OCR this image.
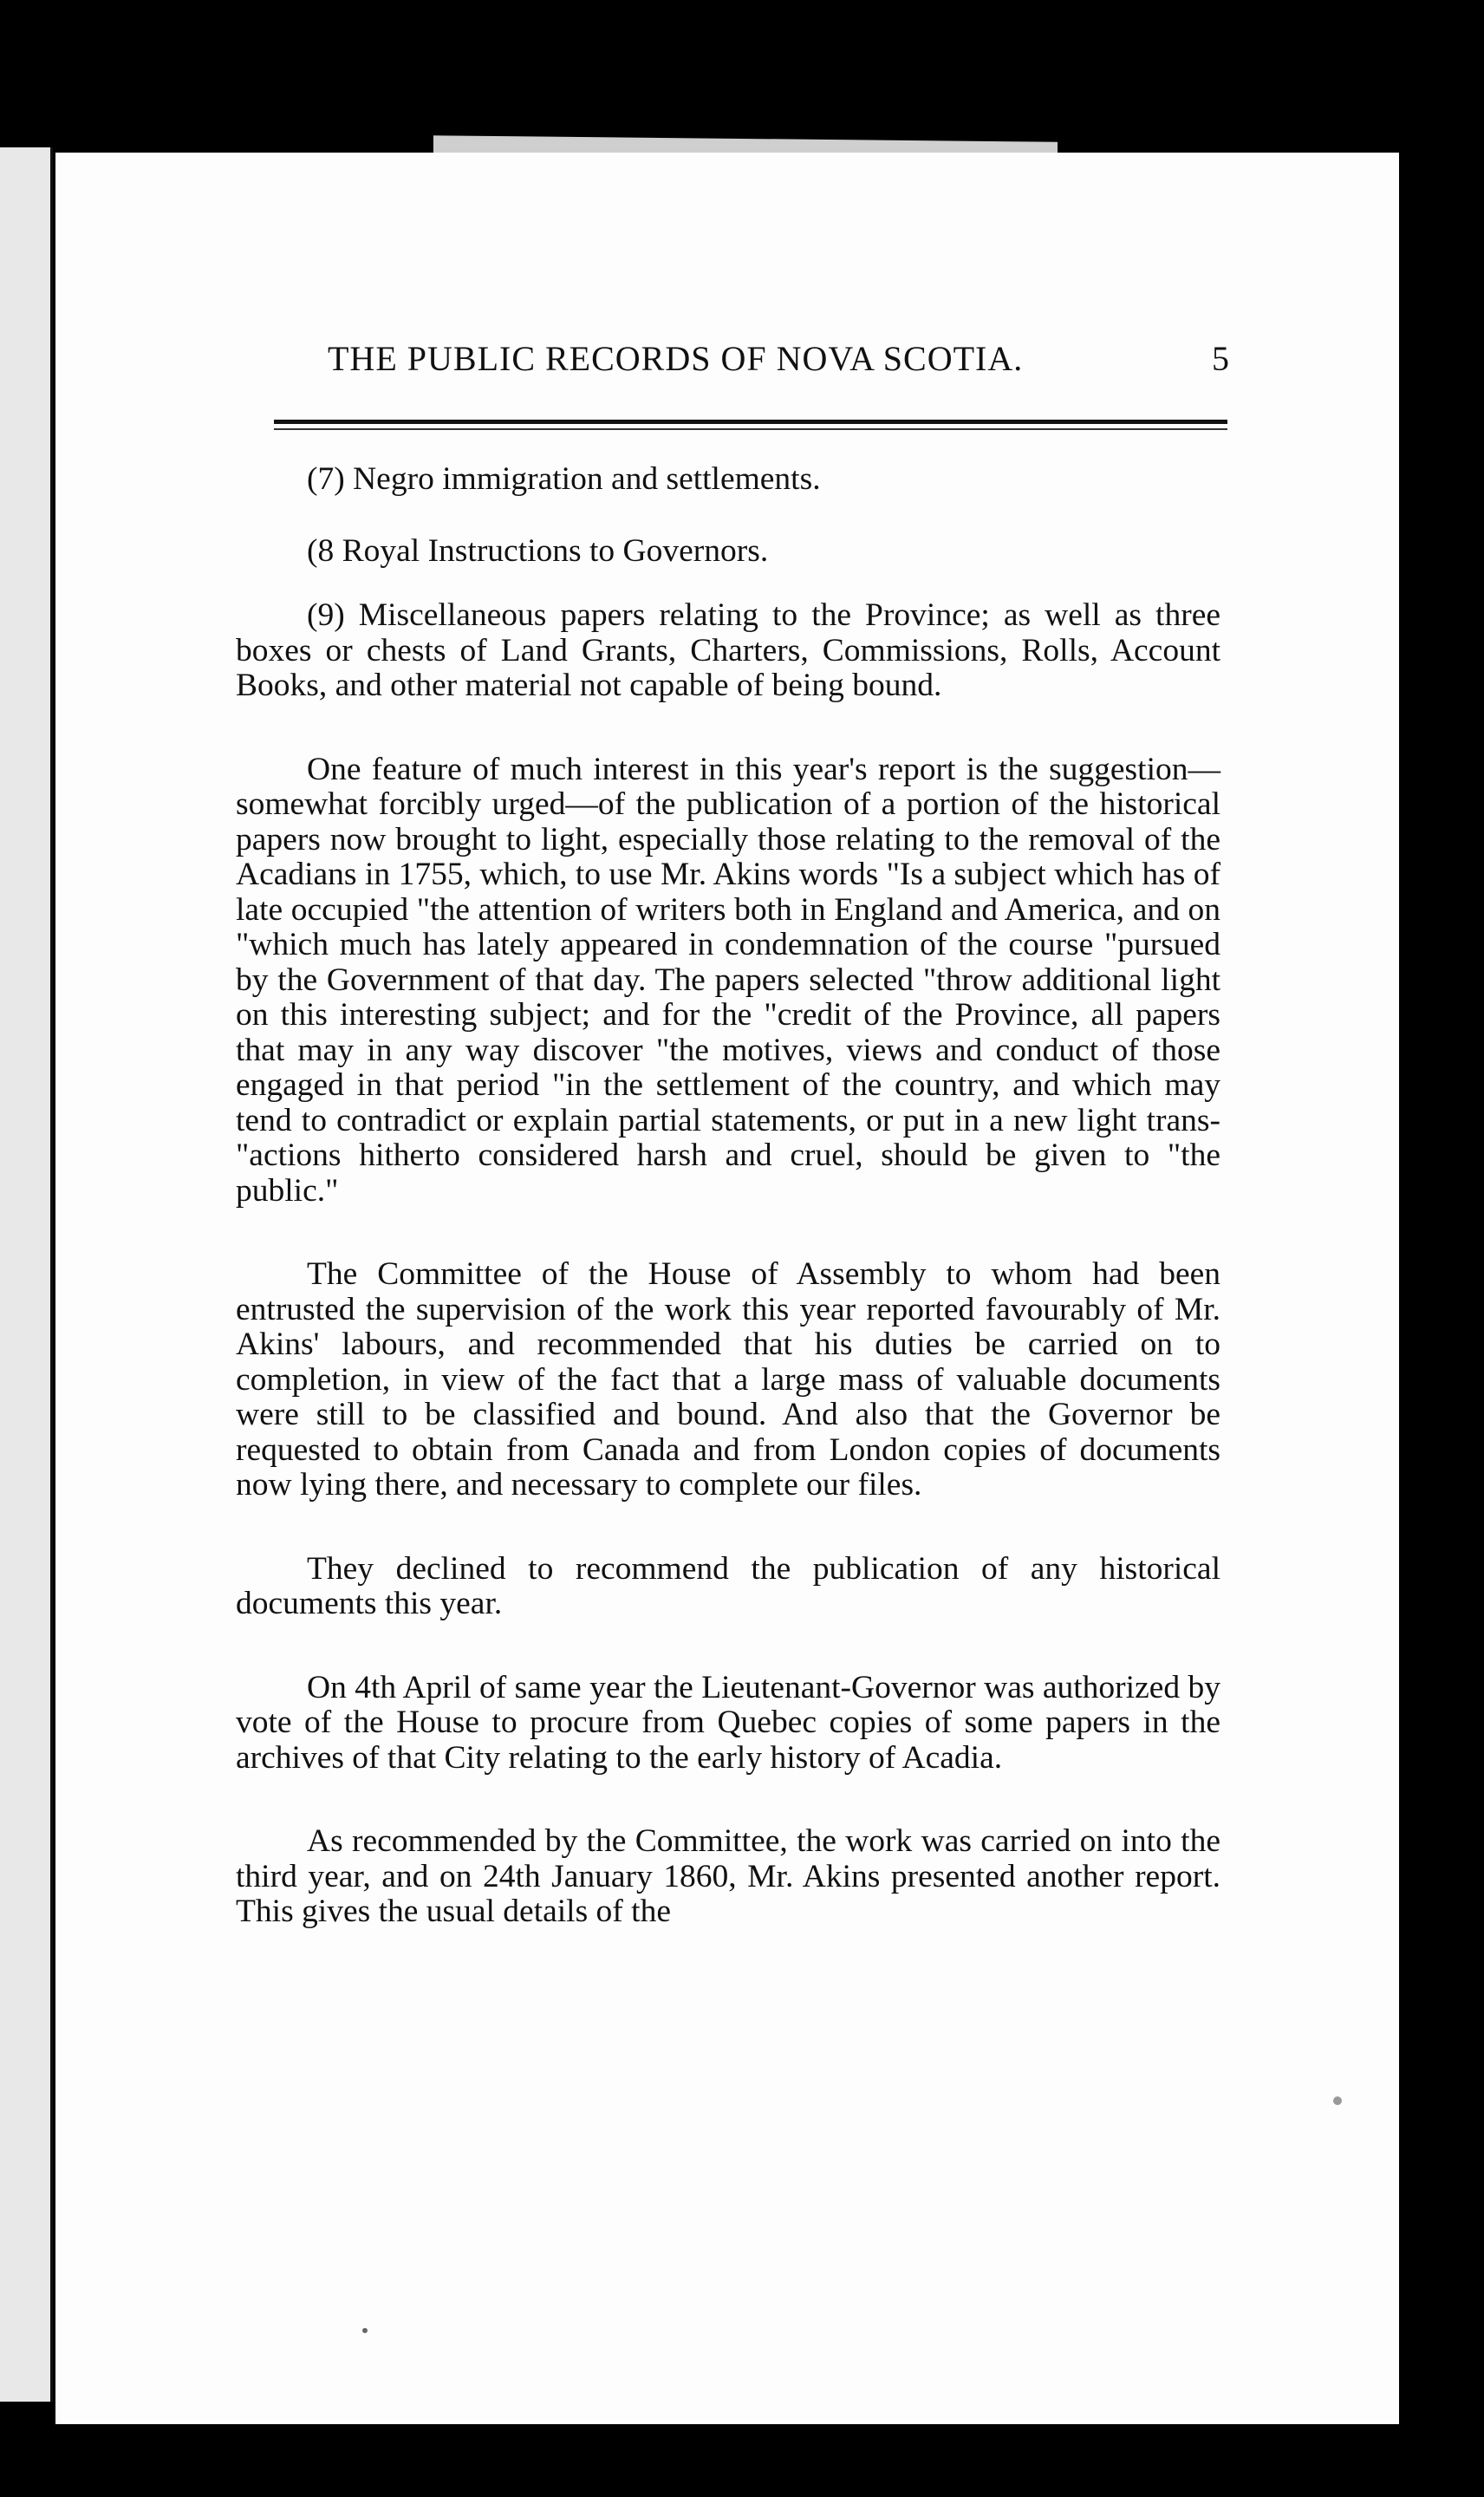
THE PUBLIC RECORDS OF NOVA SCOTIA.	5

(7) Negro immigration and settlements.

(8 Royal Instructions to Governors.

(9) Miscellaneous papers relating to the Province; as well as three boxes or chests of Land Grants, Charters, Commissions, Rolls, Account Books, and other material not capable of being bound.

One feature of much interest in this year's report is the suggestion—somewhat forcibly urged—of the publication of a portion of the historical papers now brought to light, especially those relating to the removal of the Acadians in 1755, which, to use Mr. Akins words "Is a subject which has of late occupied "the attention of writers both in England and America, and on "which much has lately appeared in condemnation of the course "pursued by the Government of that day. The papers selected "throw additional light on this interesting subject; and for the "credit of the Province, all papers that may in any way discover "the motives, views and conduct of those engaged in that period "in the settlement of the country, and which may tend to contradict or explain partial statements, or put in a new light trans- "actions hitherto considered harsh and cruel, should be given to "the public."

The Committee of the House of Assembly to whom had been entrusted the supervision of the work this year reported favourably of Mr. Akins' labours, and recommended that his duties be carried on to completion, in view of the fact that a large mass of valuable documents were still to be classified and bound. And also that the Governor be requested to obtain from Canada and from London copies of documents now lying there, and necessary to complete our files.

They declined to recommend the publication of any historical documents this year.

On 4th April of same year the Lieutenant-Governor was authorized by vote of the House to procure from Quebec copies of some papers in the archives of that City relating to the early history of Acadia.

As recommended by the Committee, the work was carried on into the third year, and on 24th January 1860, Mr. Akins presented another report. This gives the usual details of the
